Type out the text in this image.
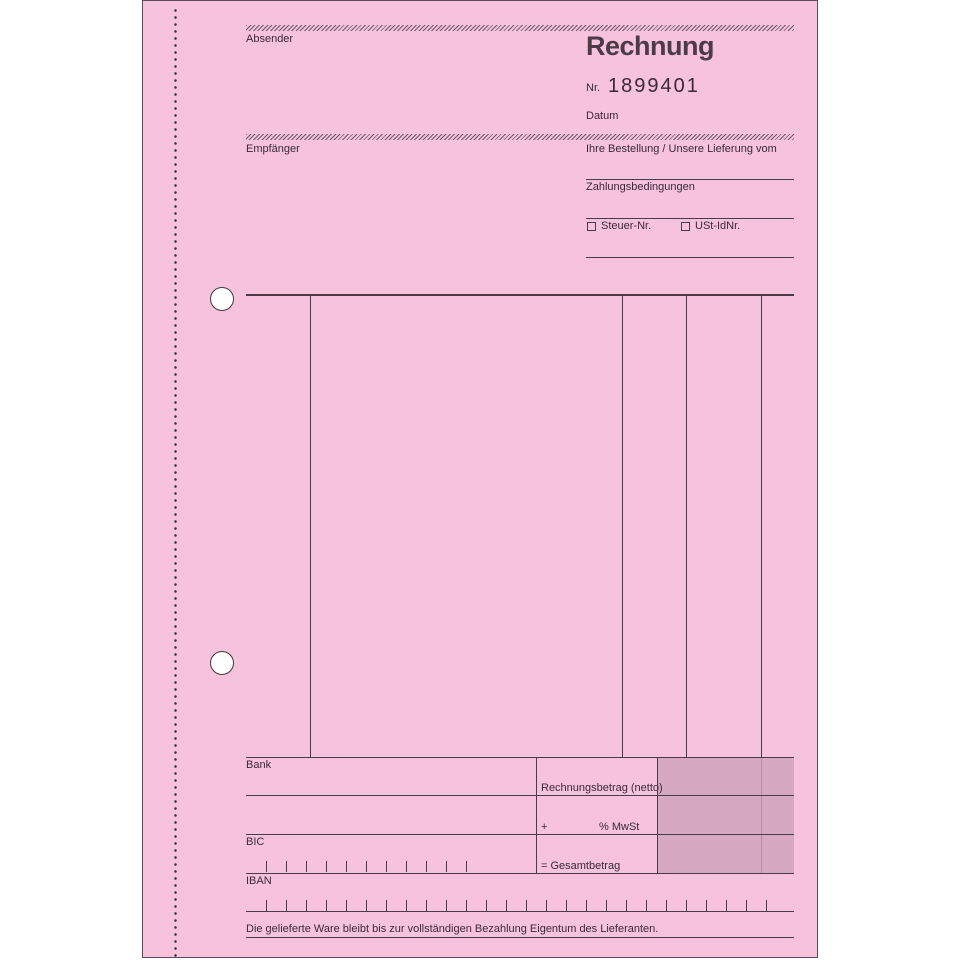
Absender	Rechnung
Nr. 1899401
Datum
Empfänger	Ihre Bestellung / Unsere Lieferung vom
Zahlungsbedingungen
Steuer-Nr.	USt-IdNr.
Bank
Rechnungsbetrag (netto)
+	% MwSt
BIC
= Gesamtbetrag
IBAN
Die gelieferte Ware bleibt bis zur vollständigen Bezahlung Eigentum des Lieferanten.
